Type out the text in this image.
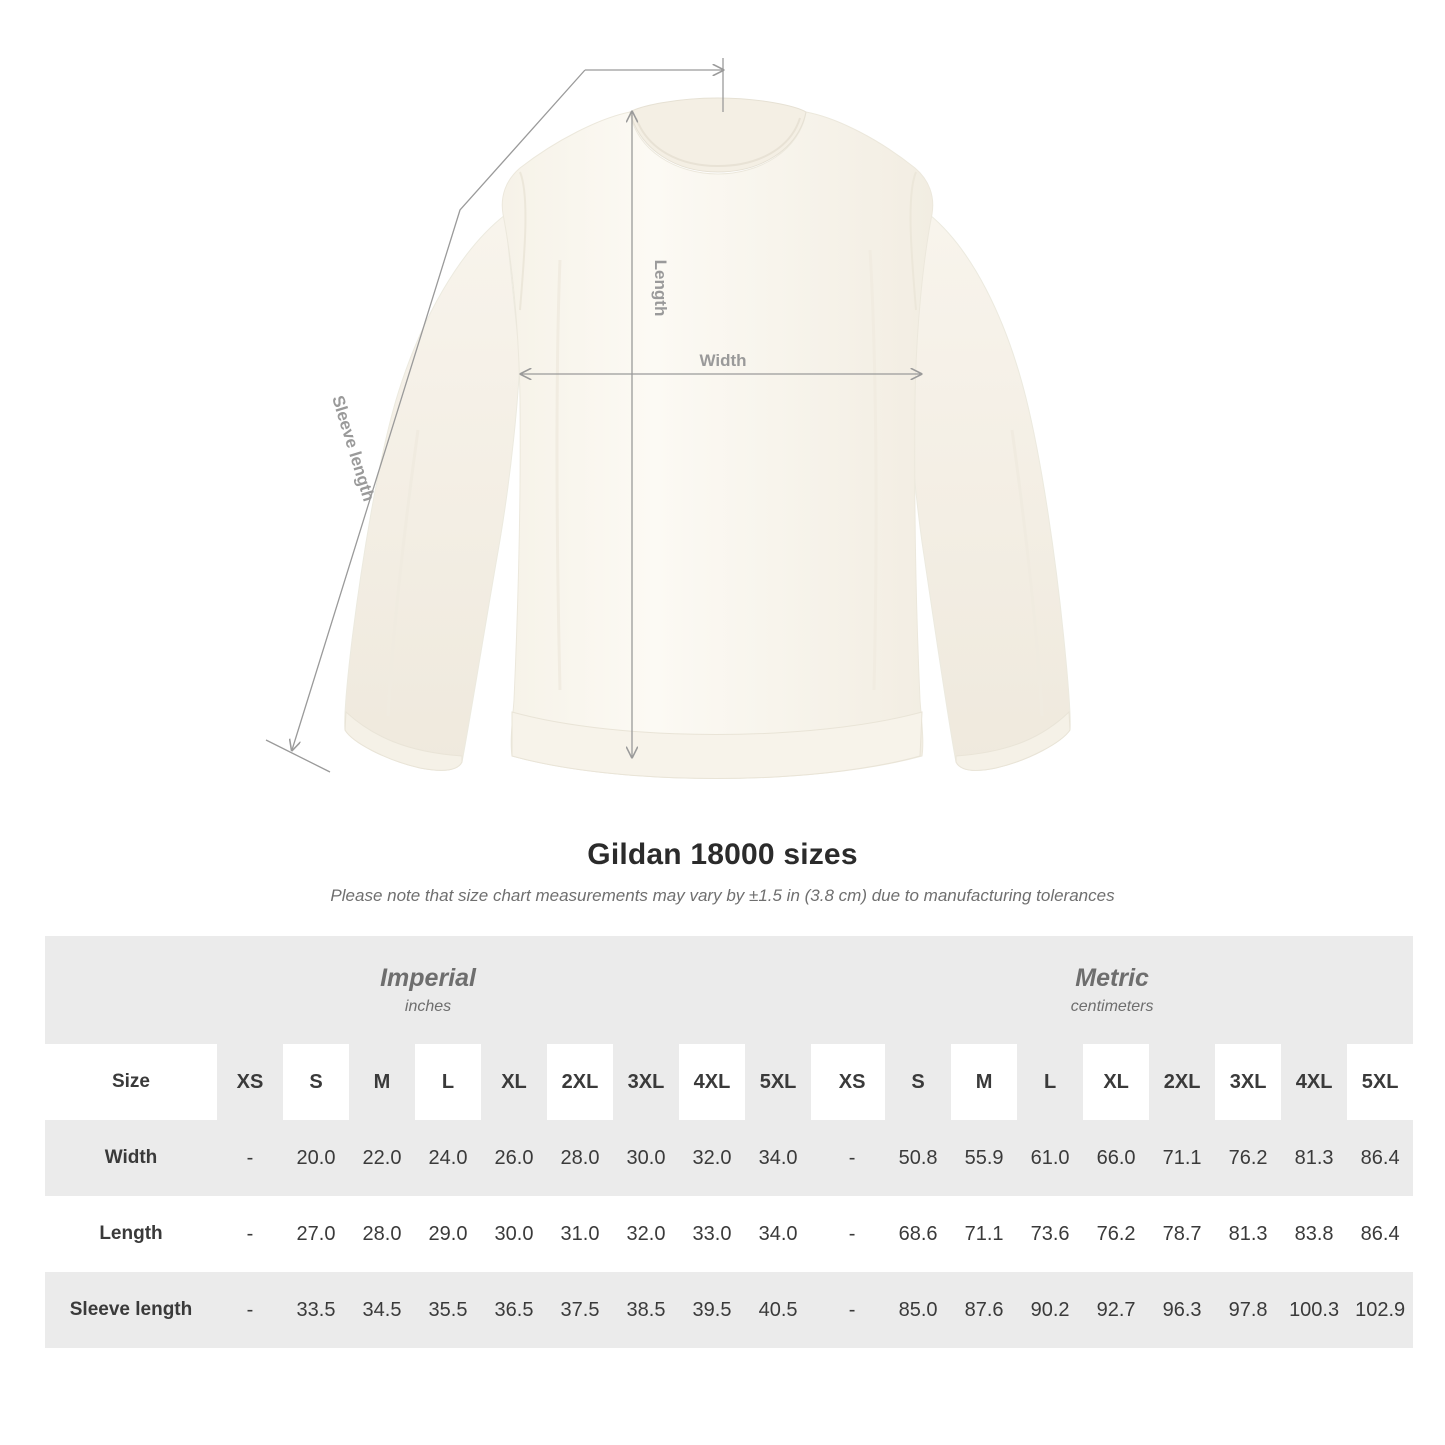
Length
Width
Sleeve length
Gildan 18000 sizes
Please note that size chart measurements may vary by ±1.5 in (3.8 cm) due to manufacturing tolerances
Imperial
inches

Metric
centimeters

Size	XS	S	M	L	XL	2XL	3XL	4XL	5XL		XS	S	M	L	XL	2XL	3XL	4XL	5XL
Width	-	20.0	22.0	24.0	26.0	28.0	30.0	32.0	34.0		-	50.8	55.9	61.0	66.0	71.1	76.2	81.3	86.4
Length	-	27.0	28.0	29.0	30.0	31.0	32.0	33.0	34.0		-	68.6	71.1	73.6	76.2	78.7	81.3	83.8	86.4
Sleeve length	-	33.5	34.5	35.5	36.5	37.5	38.5	39.5	40.5		-	85.0	87.6	90.2	92.7	96.3	97.8	100.3	102.9
